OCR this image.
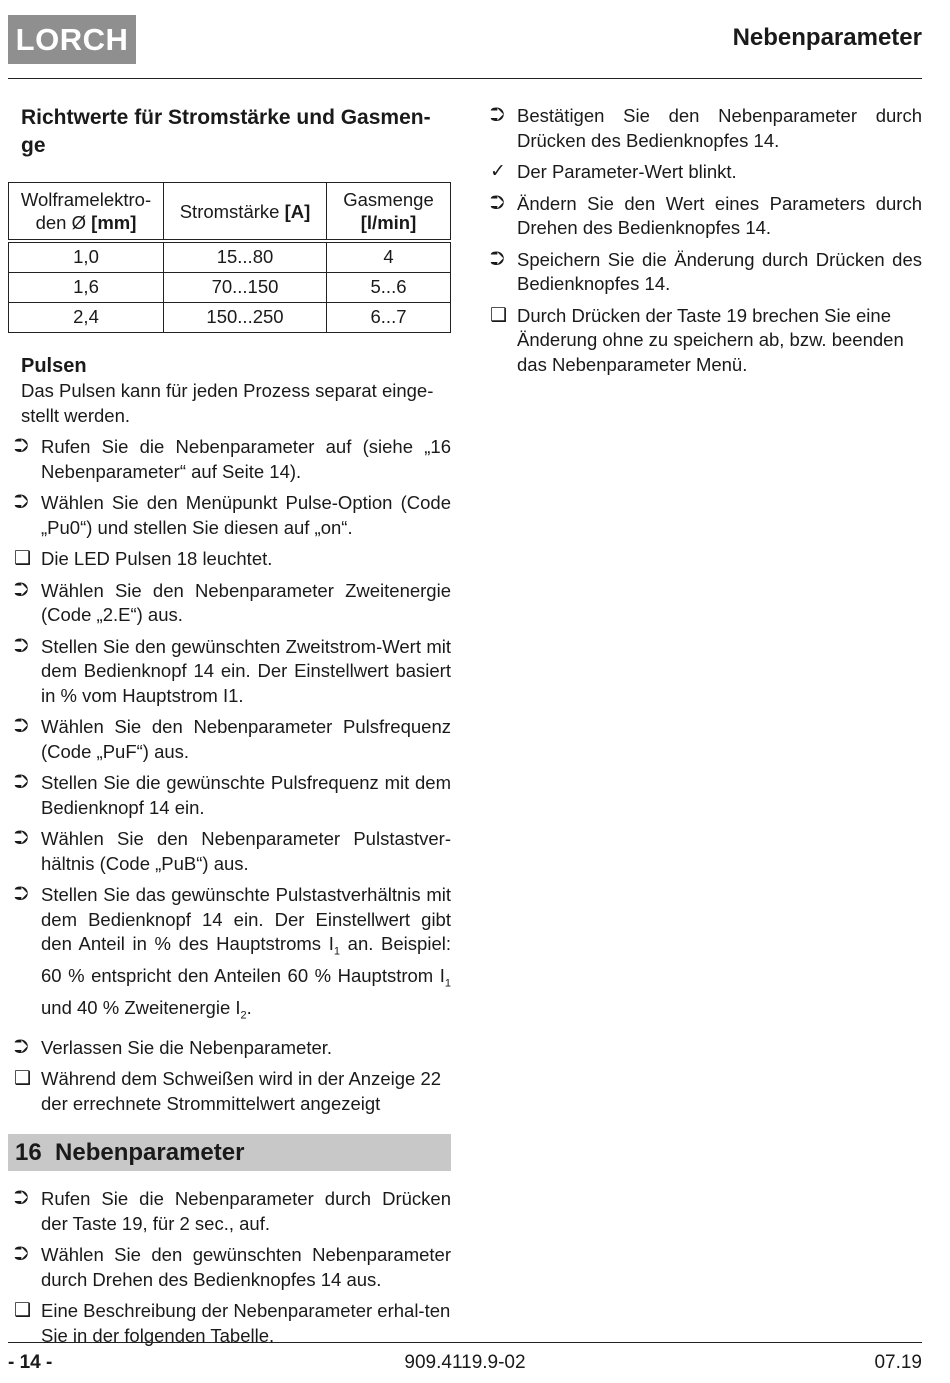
LORCH	Nebenparameter
Richtwerte für Stromstärke und Gasmen-
ge
Wolframelektro-
den Ø [mm]	Stromstärke [A]	Gasmenge
[l/min]
1,0	15...80	4
1,6	70...150	5...6
2,4	150...250	6...7
Pulsen
Das Pulsen kann für jeden Prozess separat einge-stellt werden.
⮊ Rufen Sie die Nebenparameter auf (siehe „16 Nebenparameter“ auf Seite 14).
⮊ Wählen Sie den Menüpunkt Pulse-Option (Code „Pu0“) und stellen Sie diesen auf „on“.
❑ Die LED Pulsen 18 leuchtet.
⮊ Wählen Sie den Nebenparameter Zweitenergie (Code „2.E“) aus.
⮊ Stellen Sie den gewünschten Zweitstrom-Wert mit dem Bedienknopf 14 ein. Der Einstellwert basiert in % vom Hauptstrom I1.
⮊ Wählen Sie den Nebenparameter Pulsfrequenz (Code „PuF“) aus.
⮊ Stellen Sie die gewünschte Pulsfrequenz mit dem Bedienknopf 14 ein.
⮊ Wählen Sie den Nebenparameter Pulstastver-hältnis (Code „PuB“) aus.
⮊ Stellen Sie das gewünschte Pulstastverhältnis mit dem Bedienknopf 14 ein. Der Einstellwert gibt den Anteil in % des Hauptstroms $I_1$ an. Beispiel: 60 % entspricht den Anteilen 60 % Hauptstrom $I_1$ und 40 % Zweitenergie $I_2$.
⮊ Verlassen Sie die Nebenparameter.
❑ Während dem Schweißen wird in der Anzeige 22 der errechnete Strommittelwert angezeigt
16 Nebenparameter
⮊ Rufen Sie die Nebenparameter durch Drücken der Taste 19, für 2 sec., auf.
⮊ Wählen Sie den gewünschten Nebenparameter durch Drehen des Bedienknopfes 14 aus.
❑ Eine Beschreibung der Nebenparameter erhal-ten Sie in der folgenden Tabelle.
⮊ Bestätigen Sie den Nebenparameter durch Drücken des Bedienknopfes 14.
✓ Der Parameter-Wert blinkt.
⮊ Ändern Sie den Wert eines Parameters durch Drehen des Bedienknopfes 14.
⮊ Speichern Sie die Änderung durch Drücken des Bedienknopfes 14.
❑ Durch Drücken der Taste 19 brechen Sie eine Änderung ohne zu speichern ab, bzw. beenden das Nebenparameter Menü.
- 14 -	909.4119.9-02	07.19
